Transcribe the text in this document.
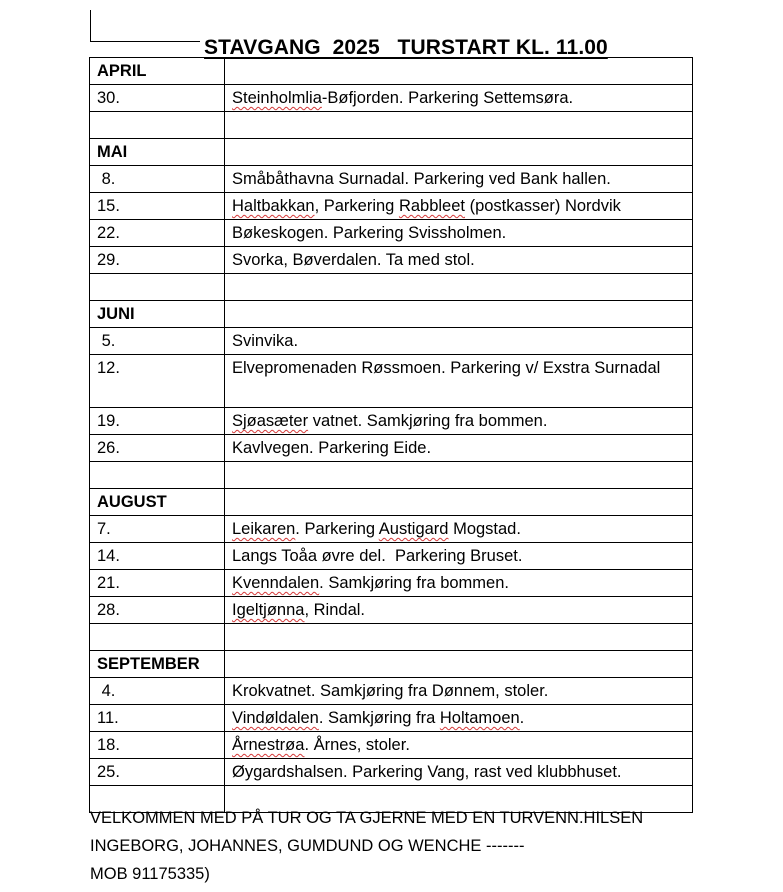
STAVGANG  2025   TURSTART KL. 11.00

APRIL	
30.	Steinholmlia-Bøfjorden. Parkering Settemsøra.

MAI	
8.	Småbåthavna Surnadal. Parkering ved Bank hallen.
15.	Haltbakkan, Parkering Rabbleet (postkasser) Nordvik
22.	Bøkeskogen. Parkering Svissholmen.
29.	Svorka, Bøverdalen. Ta med stol.

JUNI	
5.	Svinvika.
12.	Elvepromenaden Røssmoen. Parkering v/ Exstra Surnadal
19.	Sjøasæter vatnet. Samkjøring fra bommen.
26.	Kavlvegen. Parkering Eide.

AUGUST	
7.	Leikaren. Parkering Austigard Mogstad.
14.	Langs Toåa øvre del.  Parkering Bruset.
21.	Kvenndalen. Samkjøring fra bommen.
28.	Igeltjønna, Rindal.

SEPTEMBER	
4.	Krokvatnet. Samkjøring fra Dønnem, stoler.
11.	Vindøldalen. Samkjøring fra Holtamoen.
18.	Årnestrøa. Årnes, stoler.
25.	Øygardshalsen. Parkering Vang, rast ved klubbhuset.

VELKOMMEN MED PÅ TUR OG TA GJERNE MED EN TURVENN.HILSEN
INGEBORG, JOHANNES, GUMDUND OG WENCHE -------
MOB 91175335)
